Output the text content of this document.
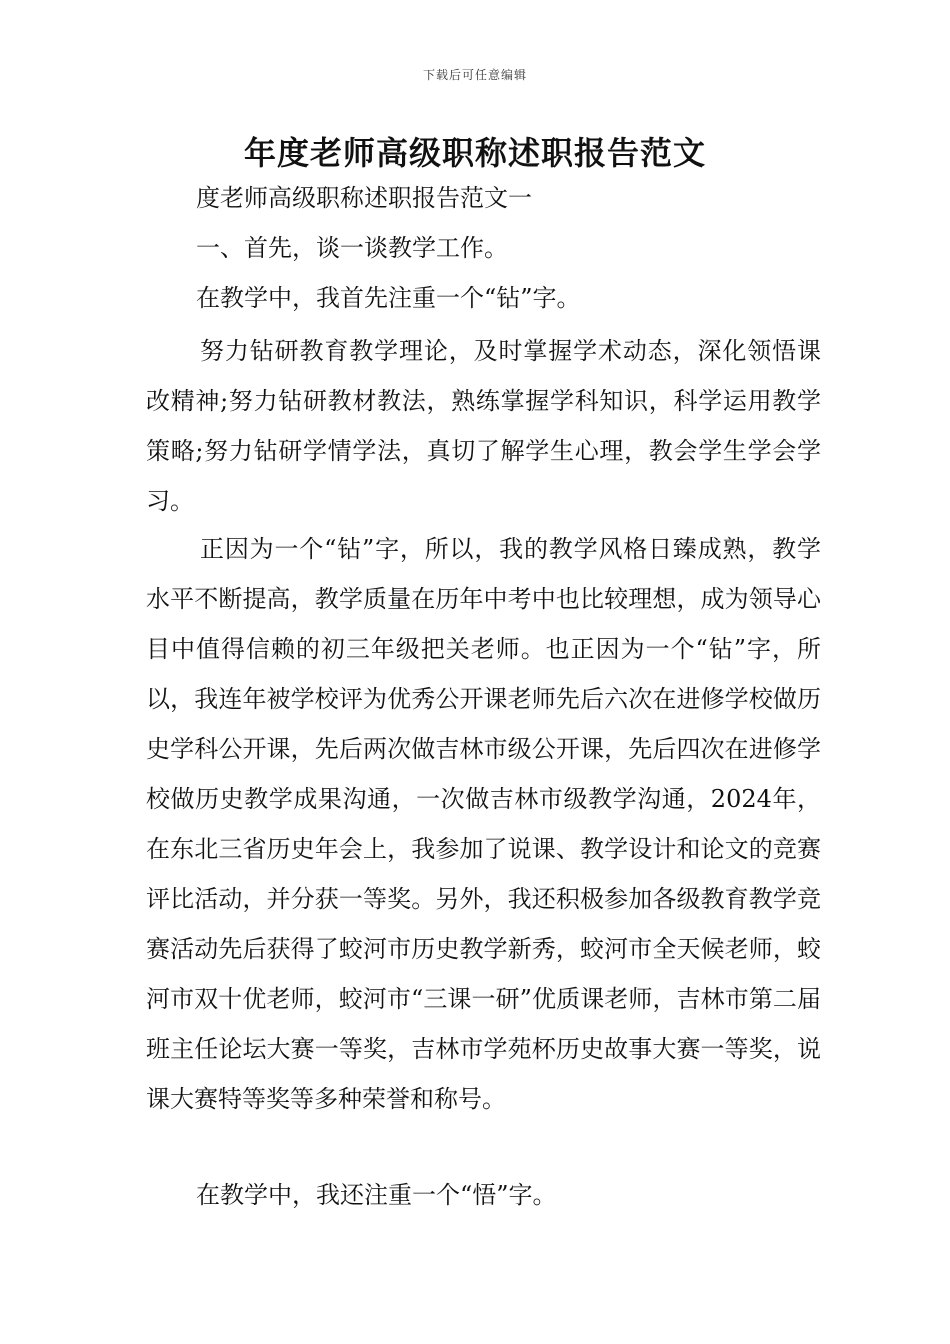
下载后可任意编辑
年度老师高级职称述职报告范文
度老师高级职称述职报告范文一
一、首先，谈一谈教学工作。
在教学中，我首先注重一个“钻”字。

努力钻研教育教学理论，及时掌握学术动态，深化领悟课改精神;努力钻研教材教法，熟练掌握学科知识，科学运用教学策略;努力钻研学情学法，真切了解学生心理，教会学生学会学习。

正因为一个“钻”字，所以，我的教学风格日臻成熟，教学水平不断提高，教学质量在历年中考中也比较理想，成为领导心目中值得信赖的初三年级把关老师。也正因为一个“钻”字，所以，我连年被学校评为优秀公开课老师先后六次在进修学校做历史学科公开课，先后两次做吉林市级公开课，先后四次在进修学校做历史教学成果沟通，一次做吉林市级教学沟通，2024年，在东北三省历史年会上，我参加了说课、教学设计和论文的竞赛评比活动，并分获一等奖。另外，我还积极参加各级教育教学竞赛活动先后获得了蛟河市历史教学新秀，蛟河市全天候老师，蛟河市双十优老师，蛟河市“三课一研”优质课老师，吉林市第二届班主任论坛大赛一等奖，吉林市学苑杯历史故事大赛一等奖，说课大赛特等奖等多种荣誉和称号。

在教学中，我还注重一个“悟”字。
